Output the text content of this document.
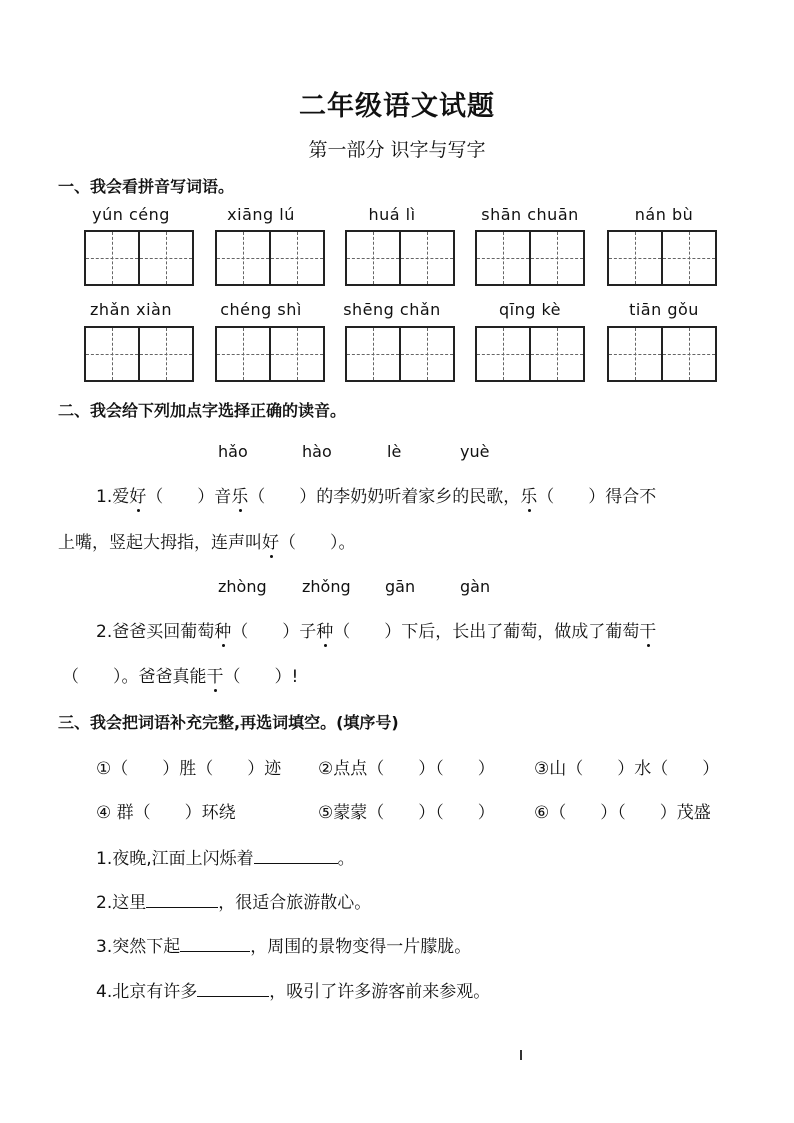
二年级语文试题
第一部分 识字与写字
一、我会看拼音写词语。
yún céng	xiāng lú	huá lì	shān chuān	nán bù
zhǎn xiàn	chéng shì	shēng chǎn	qīng kè	tiān gǒu
二、我会给下列加点字选择正确的读音。
hǎo	hào	lè	yuè
1.爱好（　　）音乐（　　）的李奶奶听着家乡的民歌，乐（　　）得合不
上嘴，竖起大拇指，连声叫好（　　）。
zhòng zhǒng gān	gàn
2.爸爸买回葡萄种（　　）子种（　　）下后，长出了葡萄，做成了葡萄干
（　　）。爸爸真能干（　　）!
三、我会把词语补充完整,再选词填空。(填序号)
①（　　）胜（　　）迹 ②点点（　　）（　　） ③山（　　）水（　　）
④ 群（　　）环绕	⑤蒙蒙（　　）（　　） ⑥（　　）（　　）茂盛
1.夜晚,江面上闪烁着	。
2.这里	，很适合旅游散心。
3.突然下起	，周围的景物变得一片朦胧。
4.北京有许多	，吸引了许多游客前来参观。
